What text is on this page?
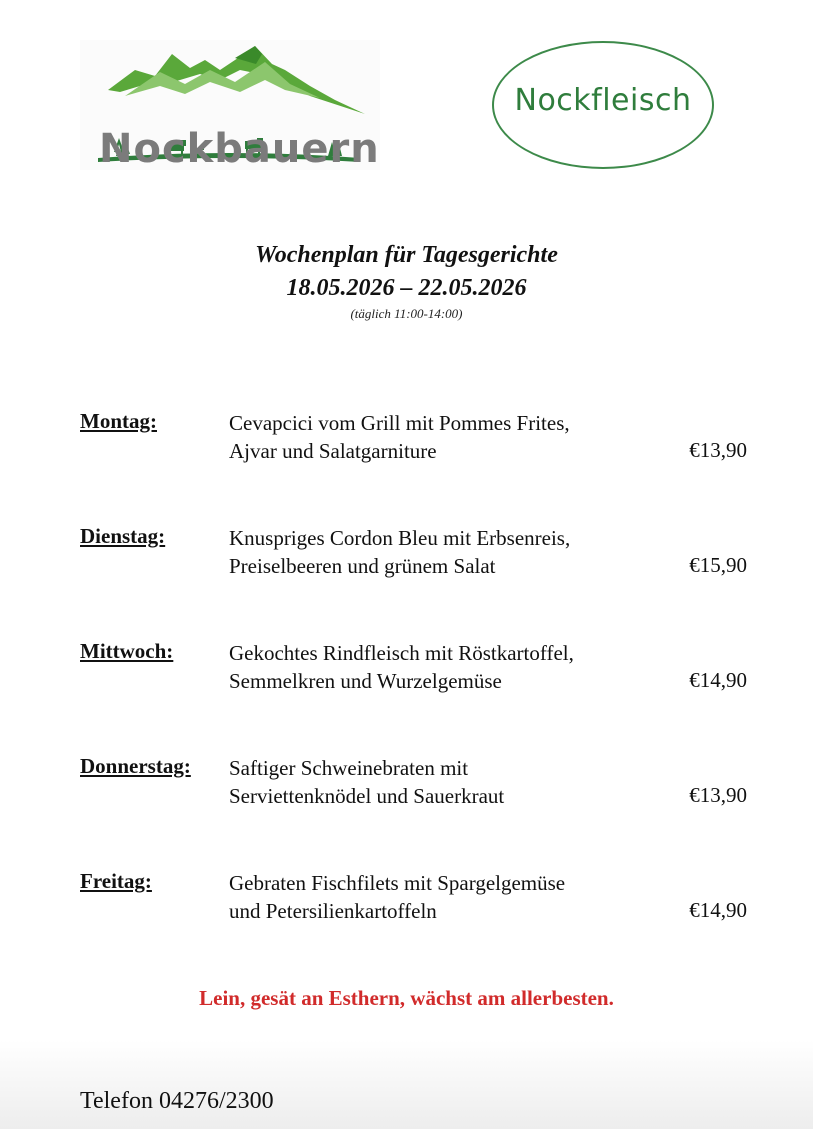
Nockbauern
Nockfleisch
Wochenplan für Tagesgerichte
18.05.2026 – 22.05.2026
(täglich 11:00-14:00)
Montag:	Cevapcici vom Grill mit Pommes Frites,
Ajvar und Salatgarniture	€13,90
Dienstag:	Knuspriges Cordon Bleu mit Erbsenreis,
Preiselbeeren und grünem Salat	€15,90
Mittwoch:	Gekochtes Rindfleisch mit Röstkartoffel,
Semmelkren und Wurzelgemüse	€14,90
Donnerstag: Saftiger Schweinebraten mit
Serviettenknödel und Sauerkraut	€13,90
Freitag:	Gebraten Fischfilets mit Spargelgemüse
und Petersilienkartoffeln	€14,90
Lein, gesät an Esthern, wächst am allerbesten.
Telefon 04276/2300
